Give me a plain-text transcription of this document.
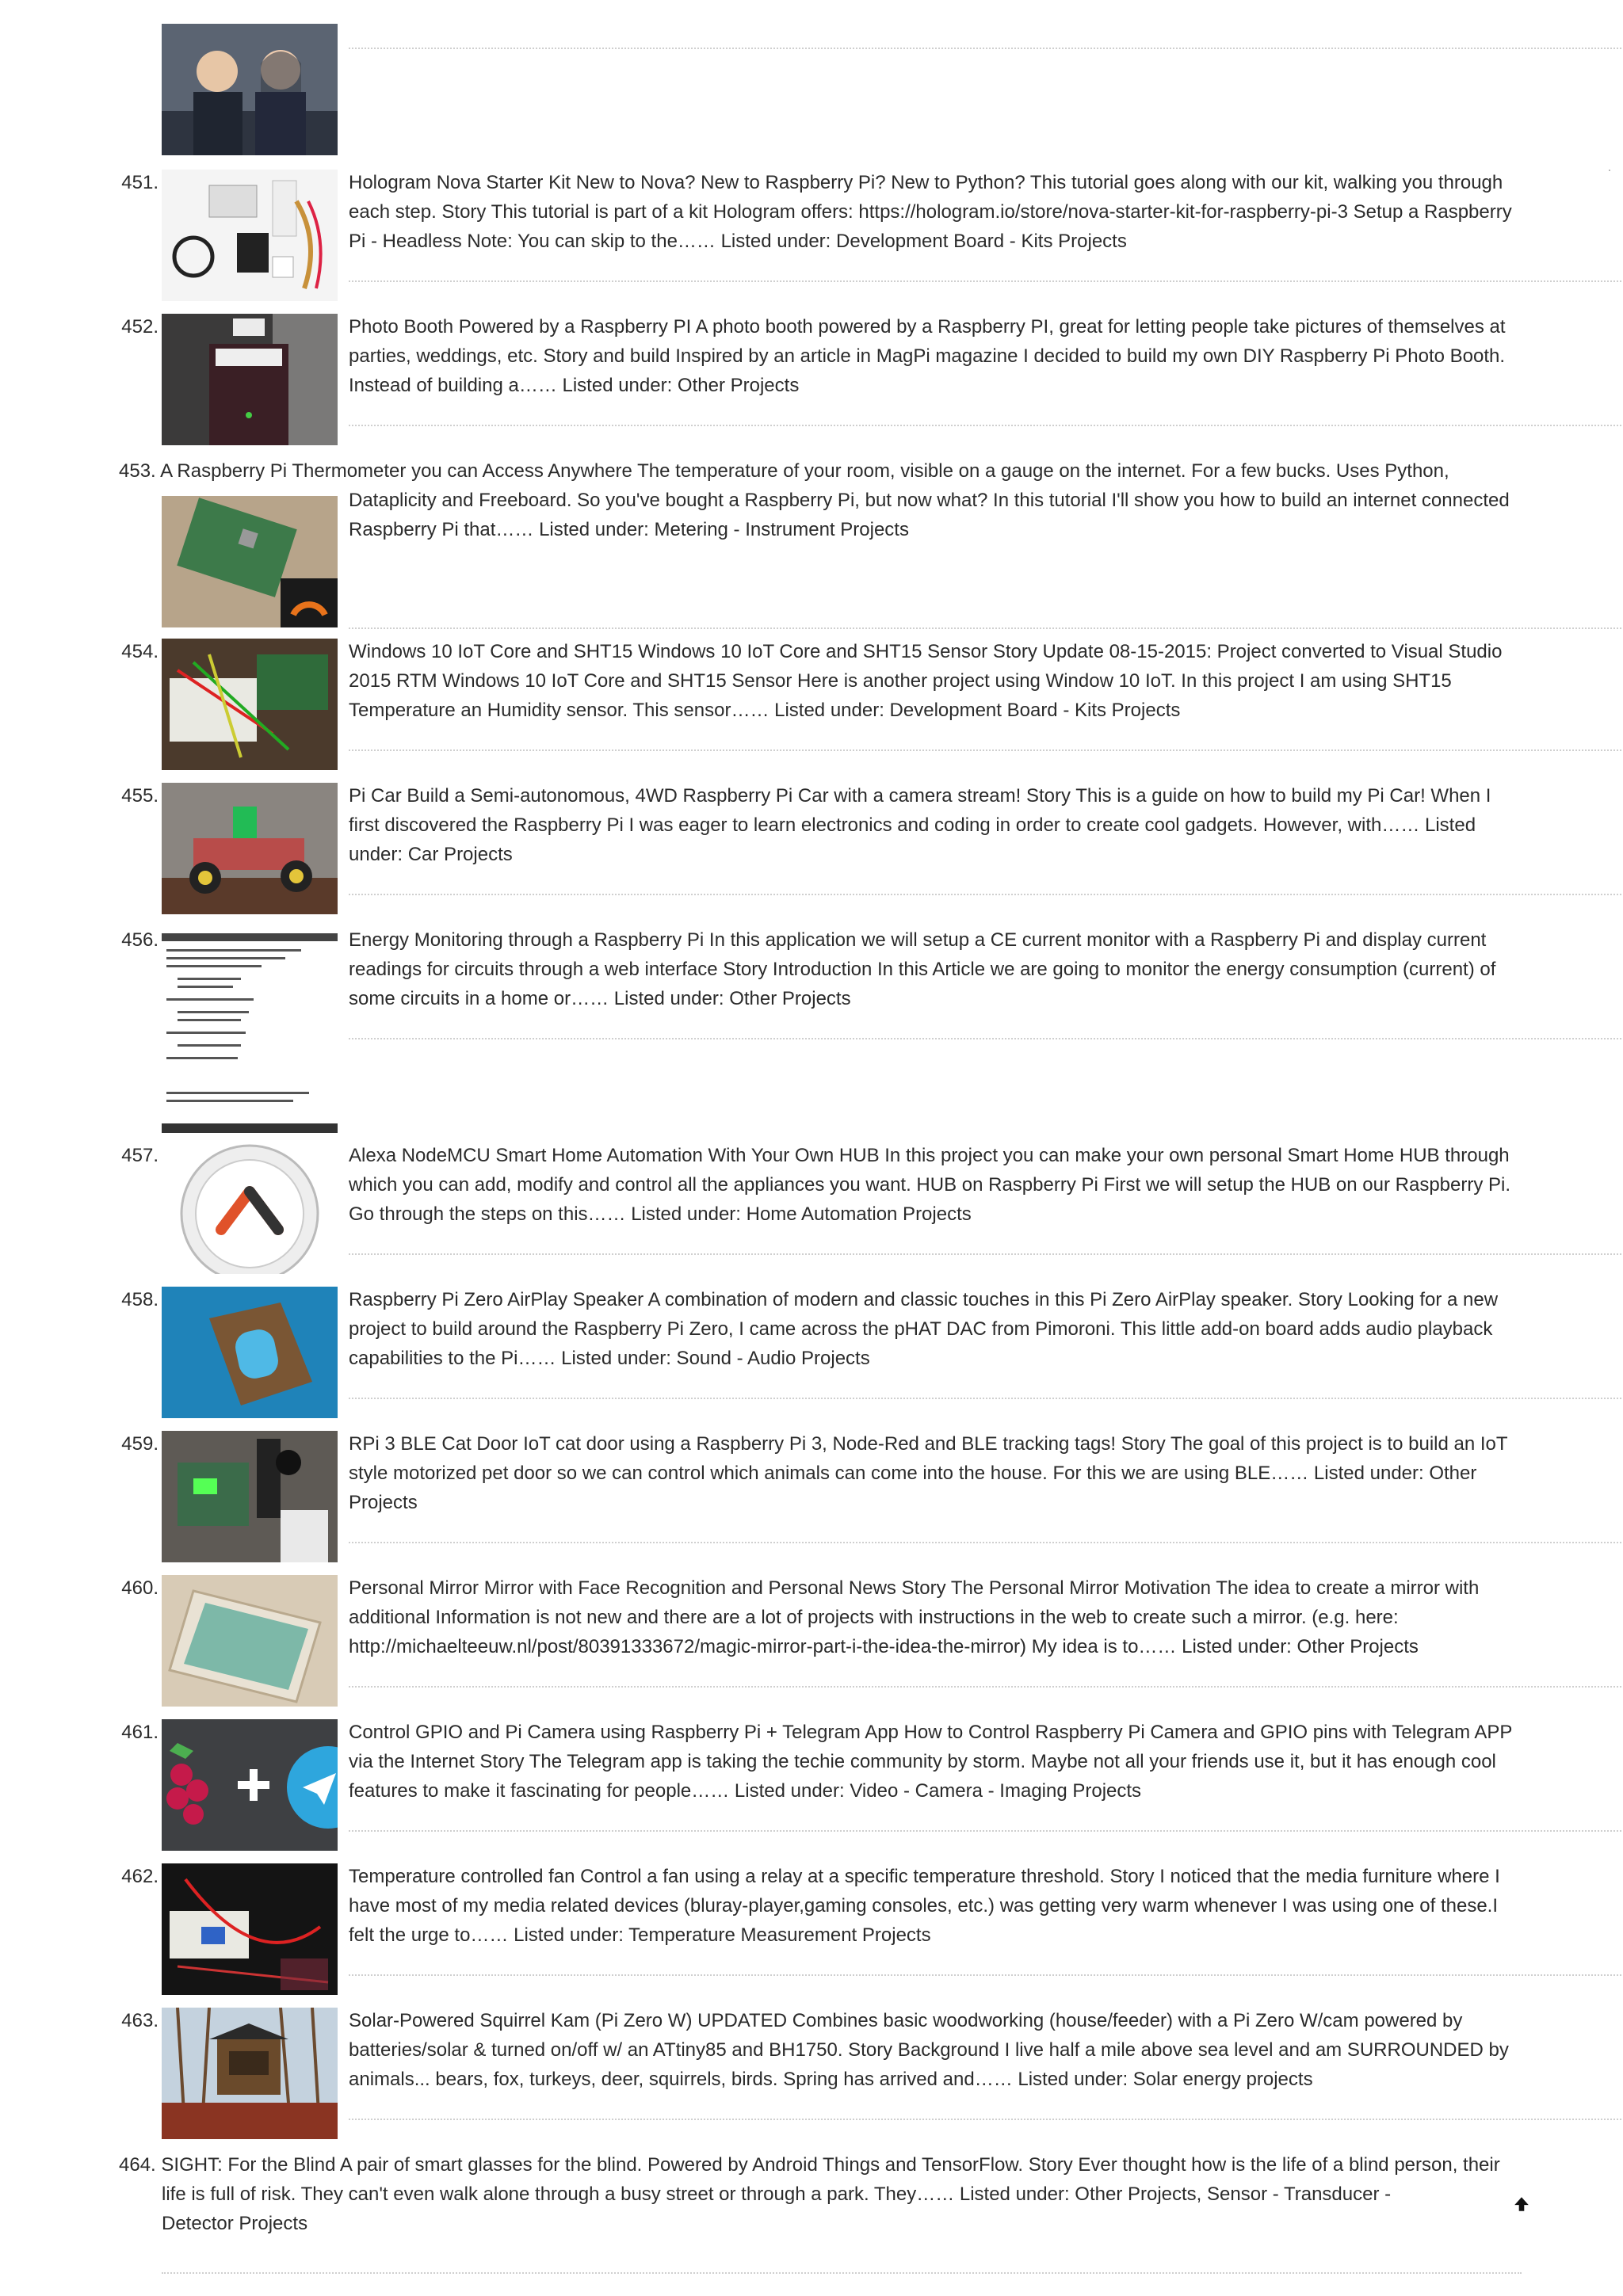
451.	Hologram Nova Starter Kit New to Nova? New to Raspberry Pi? New to Python? This tutorial goes along with our kit, walking you through each step. Story This tutorial is part of a kit Hologram offers: https://hologram.io/store/nova-starter-kit-for-raspberry-pi-3 Setup a Raspberry Pi - Headless Note: You can skip to the…… Listed under: Development Board - Kits Projects

452.	Photo Booth Powered by a Raspberry PI A photo booth powered by a Raspberry PI, great for letting people take pictures of themselves at parties, weddings, etc. Story and build Inspired by an article in MagPi magazine I decided to build my own DIY Raspberry Pi Photo Booth. Instead of building a…… Listed under: Other Projects

453. A Raspberry Pi Thermometer you can Access Anywhere The temperature of your room, visible on a gauge on the internet. For a few bucks. Uses Python,

Dataplicity and Freeboard. So you've bought a Raspberry Pi, but now what? In this tutorial I'll show you how to build an internet connected Raspberry Pi that…… Listed under: Metering - Instrument Projects

454.	Windows 10 IoT Core and SHT15 Windows 10 IoT Core and SHT15 Sensor Story Update 08-15-2015: Project converted to Visual Studio 2015 RTM Windows 10 IoT Core and SHT15 Sensor Here is another project using Window 10 IoT. In this project I am using SHT15 Temperature an Humidity sensor. This sensor…… Listed under: Development Board - Kits Projects

455.	Pi Car Build a Semi-autonomous, 4WD Raspberry Pi Car with a camera stream! Story This is a guide on how to build my Pi Car! When I first discovered the Raspberry Pi I was eager to learn electronics and coding in order to create cool gadgets. However, with…… Listed under: Car Projects

456.	Energy Monitoring through a Raspberry Pi In this application we will setup a CE current monitor with a Raspberry Pi and display current readings for circuits through a web interface Story Introduction In this Article we are going to monitor the energy consumption (current) of some circuits in a home or…… Listed under: Other Projects

457.	Alexa NodeMCU Smart Home Automation With Your Own HUB In this project you can make your own personal Smart Home HUB through which you can add, modify and control all the appliances you want. HUB on Raspberry Pi First we will setup the HUB on our Raspberry Pi. Go through the steps on this…… Listed under: Home Automation Projects

458.	Raspberry Pi Zero AirPlay Speaker A combination of modern and classic touches in this Pi Zero AirPlay speaker. Story Looking for a new project to build around the Raspberry Pi Zero, I came across the pHAT DAC from Pimoroni. This little add-on board adds audio playback capabilities to the Pi…… Listed under: Sound - Audio Projects

459.	RPi 3 BLE Cat Door IoT cat door using a Raspberry Pi 3, Node-Red and BLE tracking tags! Story The goal of this project is to build an IoT style motorized pet door so we can control which animals can come into the house. For this we are using BLE…… Listed under: Other Projects

460.	Personal Mirror Mirror with Face Recognition and Personal News Story The Personal Mirror Motivation The idea to create a mirror with additional Information is not new and there are a lot of projects with instructions in the web to create such a mirror. (e.g. here: http://michaelteeuw.nl/post/80391333672/magic-mirror-part-i-the-idea-the-mirror) My idea is to…… Listed under: Other Projects

461.	Control GPIO and Pi Camera using Raspberry Pi + Telegram App How to Control Raspberry Pi Camera and GPIO pins with Telegram APP via the Internet Story The Telegram app is taking the techie community by storm. Maybe not all your friends use it, but it has enough cool features to make it fascinating for people…… Listed under: Video - Camera - Imaging Projects

462.	Temperature controlled fan Control a fan using a relay at a specific temperature threshold. Story I noticed that the media furniture where I have most of my media related devices (bluray-player,gaming consoles, etc.) was getting very warm whenever I was using one of these.I felt the urge to…… Listed under: Temperature Measurement Projects

463.	Solar-Powered Squirrel Kam (Pi Zero W) UPDATED Combines basic woodworking (house/feeder) with a Pi Zero W/cam powered by batteries/solar & turned on/off w/ an ATtiny85 and BH1750. Story Background I live half a mile above sea level and am SURROUNDED by animals... bears, fox, turkeys, deer, squirrels, birds. Spring has arrived and…… Listed under: Solar energy projects

464. SIGHT: For the Blind A pair of smart glasses for the blind. Powered by Android Things and TensorFlow. Story Ever thought how is the life of a blind person, their

life is full of risk. They can't even walk alone through a busy street or through a park. They…… Listed under: Other Projects, Sensor - Transducer - Detector Projects
